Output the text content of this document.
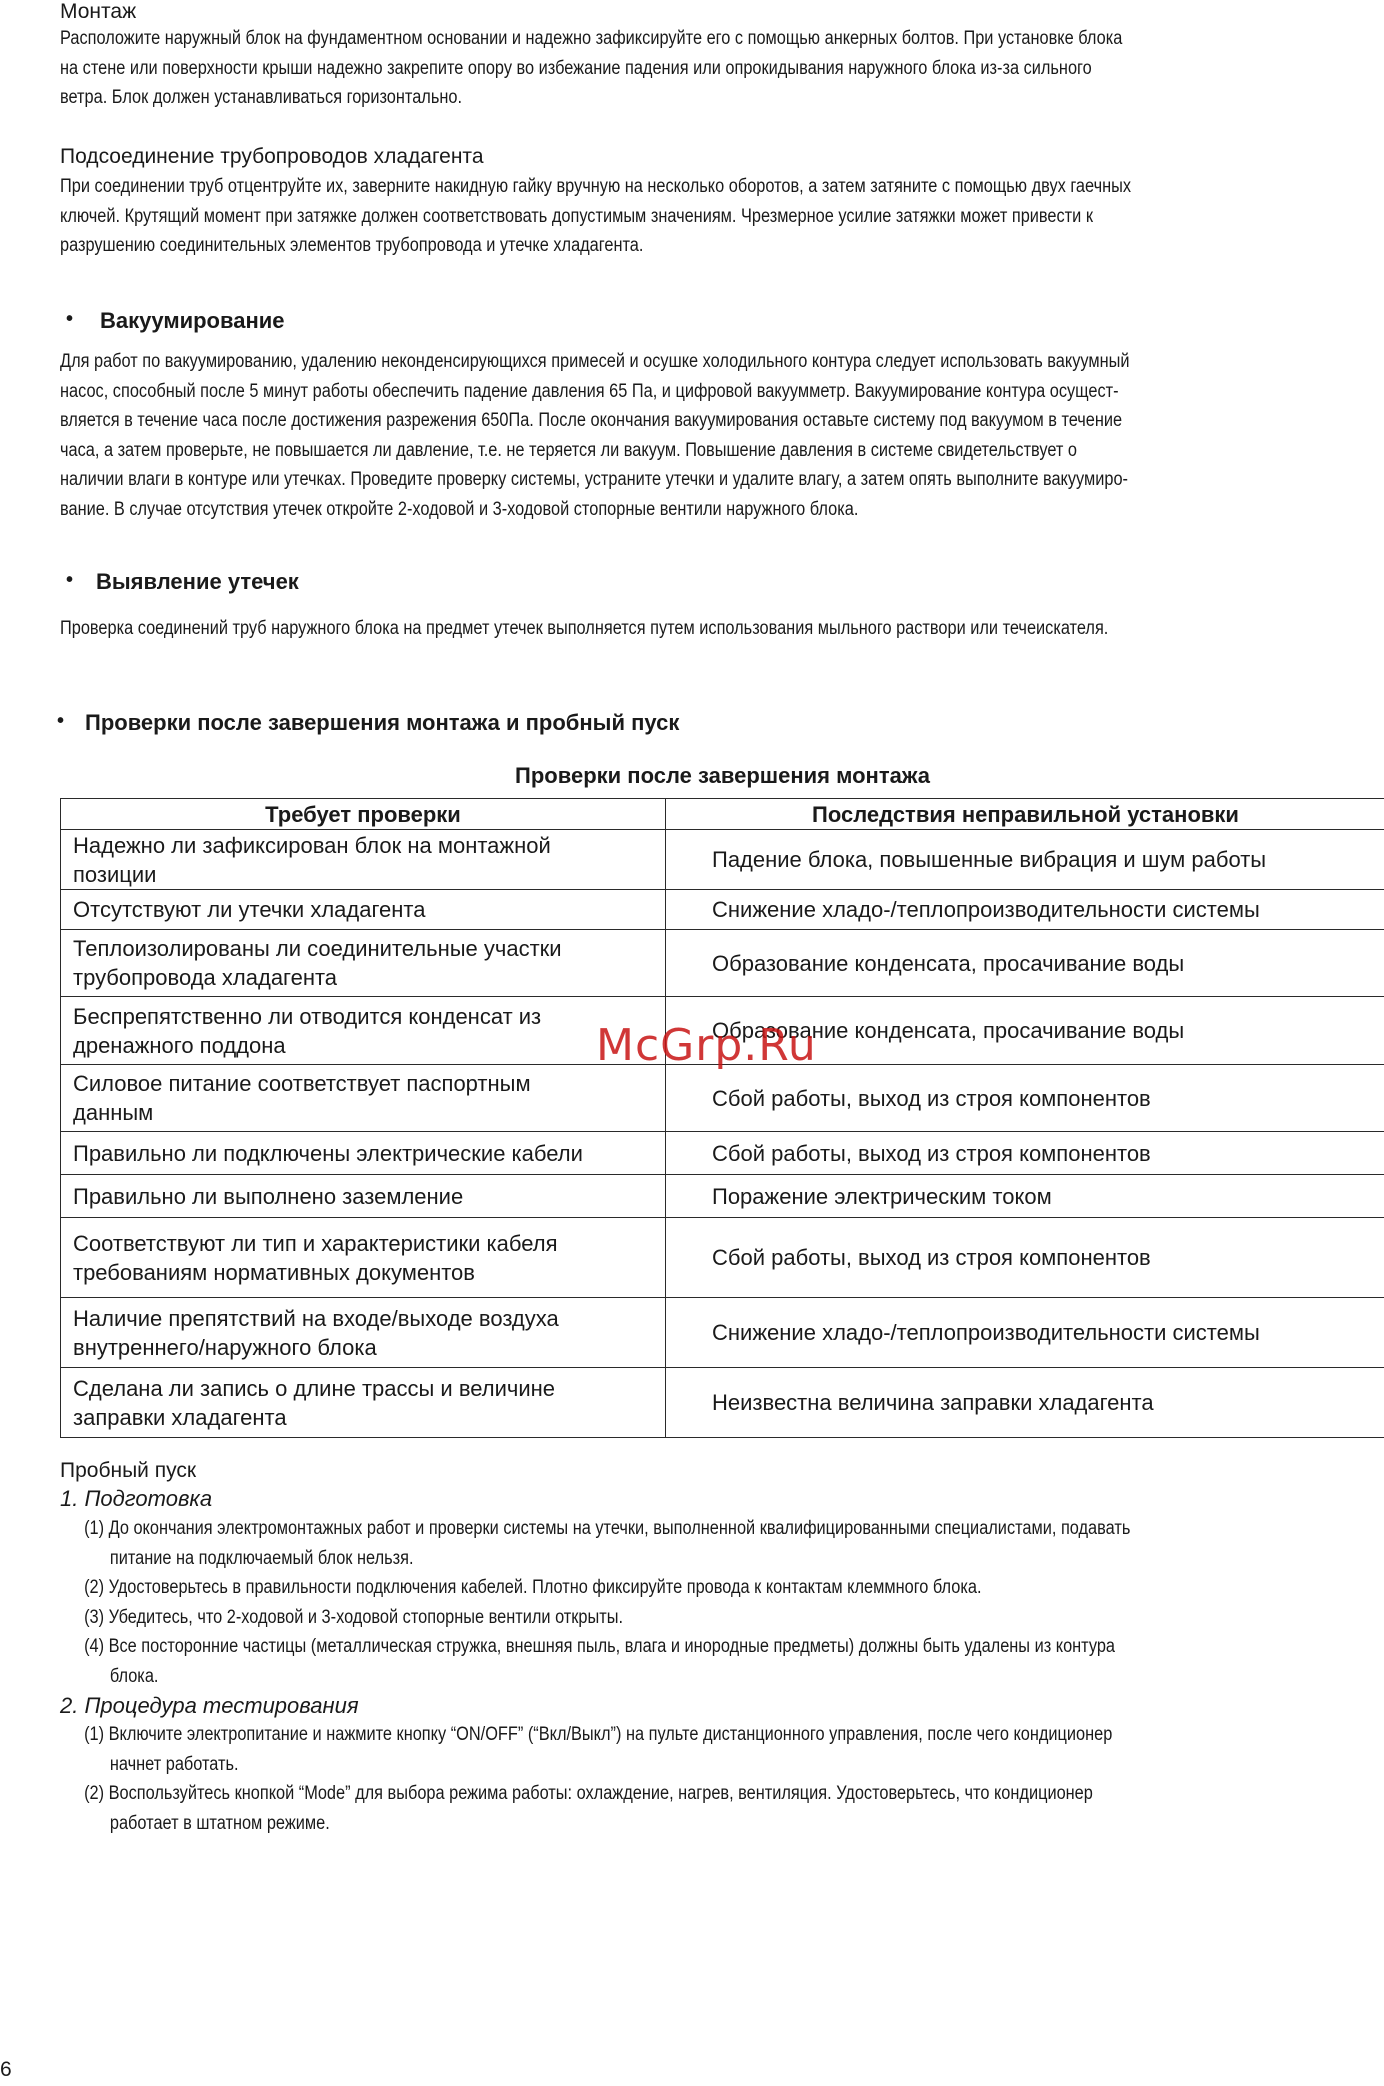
Монтаж

Расположите наружный блок на фундаментном основании и надежно зафиксируйте его с помощью анкерных болтов. При установке блока

на стене или поверхности крыши надежно закрепите опору во избежание падения или опрокидывания наружного блока из-за сильного

ветра. Блок должен устанавливаться горизонтально.

Подсоединение трубопроводов хладагента

При соединении труб отцентруйте их, заверните накидную гайку вручную на несколько оборотов, а затем затяните с помощью двух гаечных

ключей. Крутящий момент при затяжке должен соответствовать допустимым значениям. Чрезмерное усилие затяжки может привести к

разрушению соединительных элементов трубопровода и утечке хладагента.

• Вакуумирование

Для работ по вакуумированию, удалению неконденсирующихся примесей и осушке холодильного контура следует использовать вакуумный

насос, способный после 5 минут работы обеспечить падение давления 65 Па, и цифровой вакуумметр. Вакуумирование контура осущест-

вляется в течение часа после достижения разрежения 650Па. После окончания вакуумирования оставьте систему под вакуумом в течение

часа, а затем проверьте, не повышается ли давление, т.е. не теряется ли вакуум. Повышение давления в системе свидетельствует о

наличии влаги в контуре или утечках. Проведите проверку системы, устраните утечки и удалите влагу, а затем опять выполните вакуумиро-

вание. В случае отсутствия утечек откройте 2-ходовой и 3-ходовой стопорные вентили наружного блока.

• Выявление утечек

Проверка соединений труб наружного блока на предмет утечек выполняется путем использования мыльного раствори или течеискателя.

• Проверки после завершения монтажа и пробный пуск

Проверки после завершения монтажа

Требует проверки	Последствия неправильной установки

Надежно ли зафиксирован блок на монтажной
позиции	Падение блока, повышенные вибрация и шум работы

Отсутствуют ли утечки хладагента	Снижение хладо-/теплопроизводительности системы

Теплоизолированы ли соединительные участки
трубопровода хладагента	Образование конденсата, просачивание воды

Беспрепятственно ли отводится конденсат из
дренажного поддона	Образование конденсата, просачивание воды

Силовое питание соответствует паспортным
данным	Сбой работы, выход из строя компонентов

Правильно ли подключены электрические кабели	Сбой работы, выход из строя компонентов

Правильно ли выполнено заземление	Поражение электрическим током

Соответствуют ли тип и характеристики кабеля
требованиям нормативных документов	Сбой работы, выход из строя компонентов

Наличие препятствий на входе/выходе воздуха
внутреннего/наружного блока	Снижение хладо-/теплопроизводительности системы

Сделана ли запись о длине трассы и величине
заправки хладагента	Неизвестна величина заправки хладагента
Пробный пуск

1. Подготовка

(1) До окончания электромонтажных работ и проверки системы на утечки, выполненной квалифицированными специалистами, подавать
питание на подключаемый блок нельзя.
(2) Удостоверьтесь в правильности подключения кабелей. Плотно фиксируйте провода к контактам клеммного блока.
(3) Убедитесь, что 2-ходовой и 3-ходовой стопорные вентили открыты.
(4) Все посторонние частицы (металлическая стружка, внешняя пыль, влага и инородные предметы) должны быть удалены из контура
блока.

2. Процедура тестирования

(1) Включите электропитание и нажмите кнопку “ON/OFF” (“Вкл/Выкл”) на пульте дистанционного управления, после чего кондиционер
начнет работать.
(2) Воспользуйтесь кнопкой “Mode” для выбора режима работы: охлаждение, нагрев, вентиляция. Удостоверьтесь, что кондиционер
работает в штатном режиме.
McGrp.Ru
6
